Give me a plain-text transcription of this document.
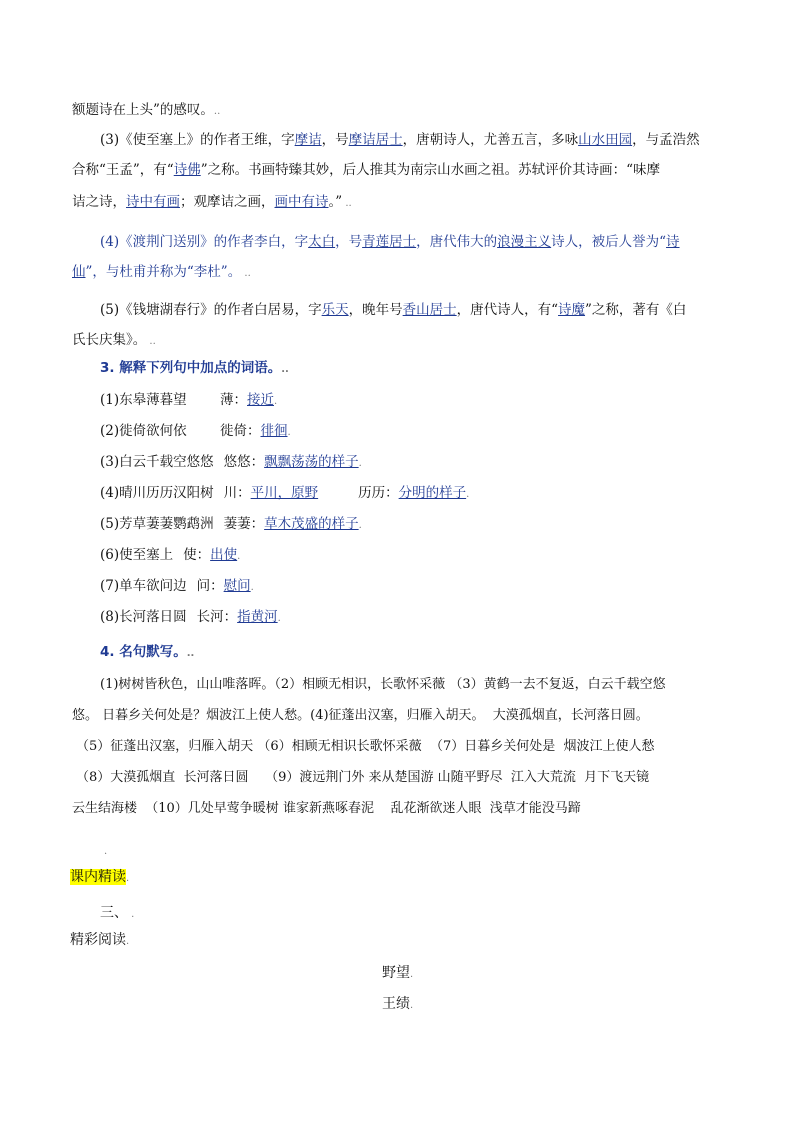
额题诗在上头”的感叹。..
(3)《使至塞上》的作者王维，字摩诘，号摩诘居士，唐朝诗人，尤善五言，多咏山水田园，与孟浩然
合称“王孟”，有“诗佛”之称。书画特臻其妙，后人推其为南宗山水画之祖。苏轼评价其诗画：“味摩
诘之诗，诗中有画；观摩诘之画，画中有诗。” ..
(4)《渡荆门送别》的作者李白，字太白，号青莲居士，唐代伟大的浪漫主义诗人，被后人誉为“诗
仙”，与杜甫并称为“李杜”。 ..
(5)《钱塘湖春行》的作者白居易，字乐天，晚年号香山居士，唐代诗人，有“诗魔”之称，著有《白
氏长庆集》。 ..
3. 解释下列句中加点的词语。..
(1)东皋薄暮望 薄：接近.
(2)徙倚欲何依 徙倚：徘徊.
(3)白云千载空悠悠 悠悠：飘飘荡荡的样子.
(4)晴川历历汉阳树 川：平川，原野	历历：分明的样子.
(5)芳草萋萋鹦鹉洲 萋萋：草木茂盛的样子.
(6)使至塞上 使：出使.
(7)单车欲问边 问：慰问.
(8)长河落日圆 长河：指黄河.
4. 名句默写。..
(1)树树皆秋色，山山唯落晖。（2）相顾无相识，长歌怀采薇 （3）黄鹤一去不复返，白云千载空悠
悠。 日暮乡关何处是？烟波江上使人愁。(4)征蓬出汉塞，归雁入胡天。  大漠孤烟直，长河落日圆。
（5）征蓬出汉塞，归雁入胡天 （6）相顾无相识长歌怀采薇  （7）日暮乡关何处是  烟波江上使人愁
（8）大漠孤烟直  长河落日圆    （9）渡远荆门外 来从楚国游 山随平野尽  江入大荒流  月下飞天镜
云生结海楼  （10）几处早莺争暖树 谁家新燕啄春泥    乱花渐欲迷人眼  浅草才能没马蹄
.
课内精读.
三、 .
精彩阅读.
野望.
王绩.
